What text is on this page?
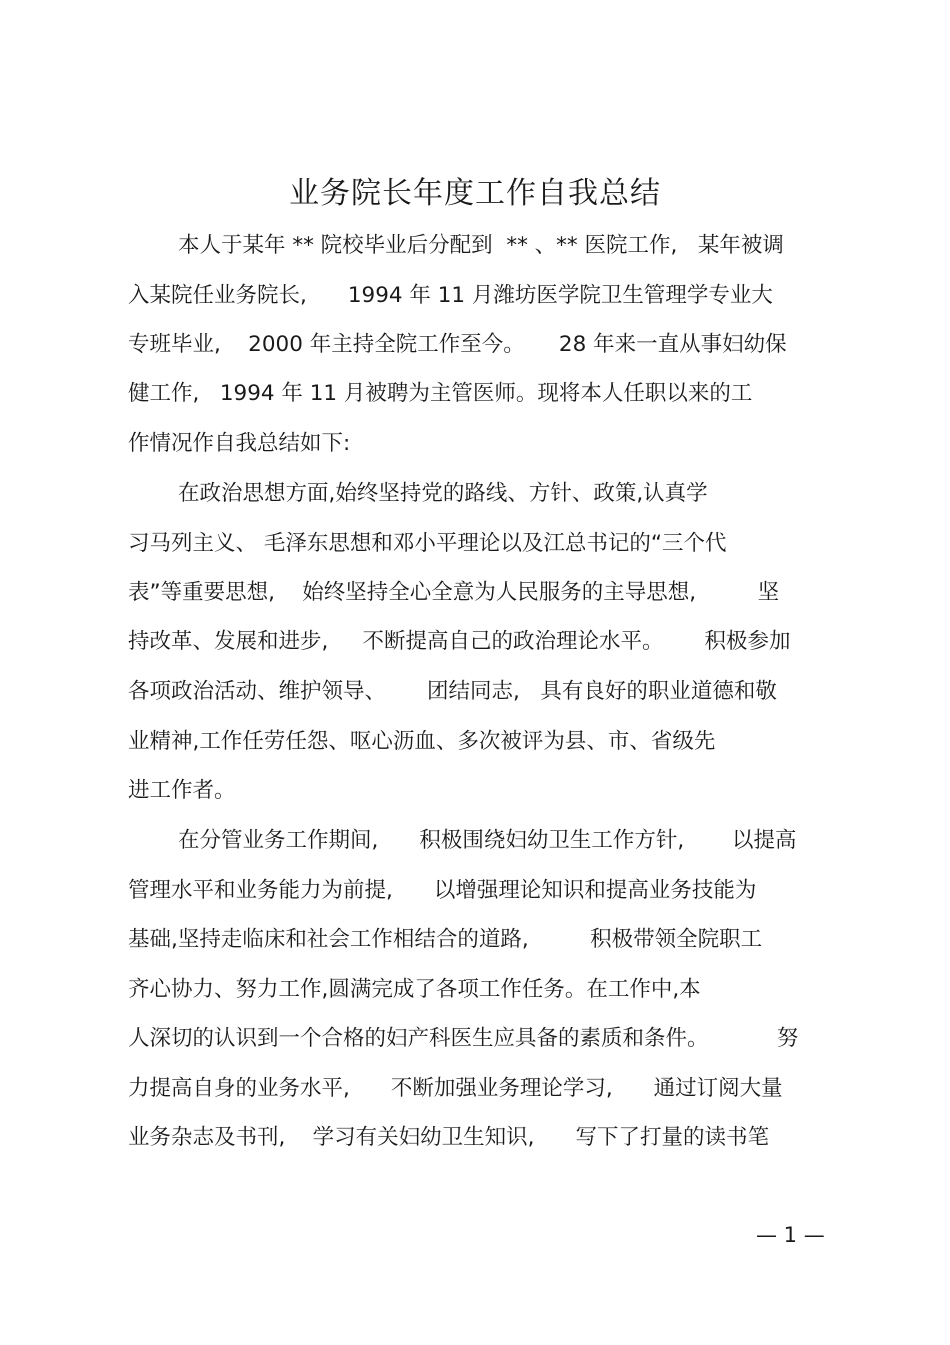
业务院长年度工作自我总结
本人于某年 ** 院校毕业后分配到  ** 、** 医院工作,   某年被调
入某院任业务院长,      1994 年 11 月潍坊医学院卫生管理学专业大
专班毕业,    2000 年主持全院工作至今。     28 年来一直从事妇幼保
健工作,   1994 年 11 月被聘为主管医师。现将本人任职以来的工
作情况作自我总结如下:
在政治思想方面,始终坚持党的路线、方针、政策,认真学
习马列主义、 毛泽东思想和邓小平理论以及江总书记的“三个代
表”等重要思想,    始终坚持全心全意为人民服务的主导思想,         坚
持改革、发展和进步,     不断提高自己的政治理论水平。      积极参加
各项政治活动、维护领导、      团结同志,   具有良好的职业道德和敬
业精神,工作任劳任怨、呕心沥血、多次被评为县、市、省级先
进工作者。
在分管业务工作期间,      积极围绕妇幼卫生工作方针,       以提高
管理水平和业务能力为前提,      以增强理论知识和提高业务技能为
基础,坚持走临床和社会工作相结合的道路,         积极带领全院职工
齐心协力、努力工作,圆满完成了各项工作任务。在工作中,本
人深切的认识到一个合格的妇产科医生应具备的素质和条件。          努
力提高自身的业务水平,      不断加强业务理论学习,      通过订阅大量
业务杂志及书刊,    学习有关妇幼卫生知识,      写下了打量的读书笔
— 1 —
